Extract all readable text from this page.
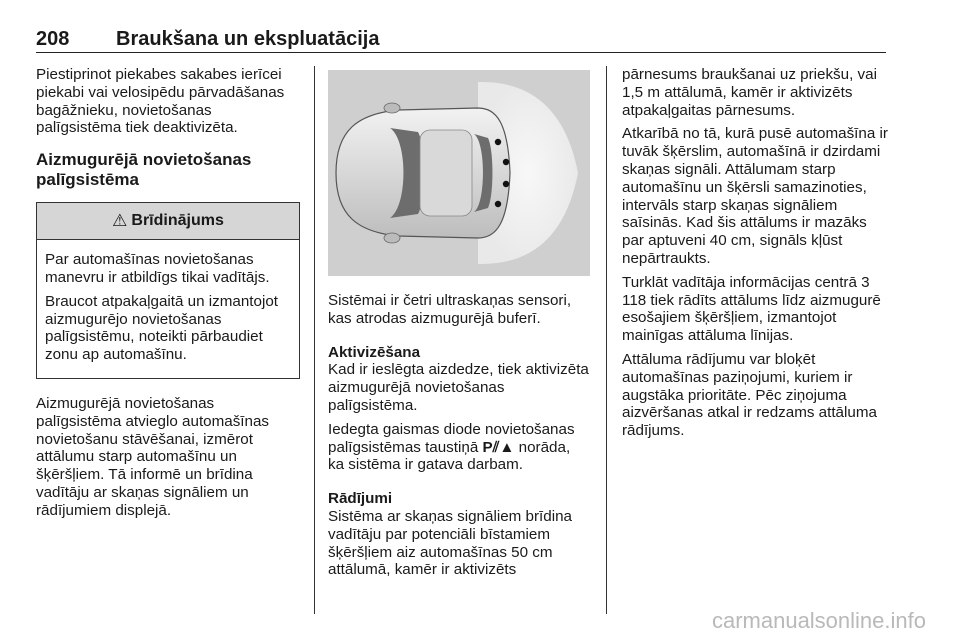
208 Braukšana un ekspluatācija

Piestiprinot piekabes sakabes ierīcei piekabi vai velosipēdu pārvadāšanas bagāžnieku, novietošanas palīgsistēma tiek deaktivizēta.

Aizmugurējā novietošanas palīgsistēma
⚠ Brīdinājums

Par automašīnas novietošanas manevru ir atbildīgs tikai vadītājs.

Braucot atpakaļgaitā un izmantojot aizmugurējo novietošanas palīgsistēmu, noteikti pārbaudiet zonu ap automašīnu.

Aizmugurējā novietošanas palīgsistēma atvieglo automašīnas novietošanu stāvēšanai, izmērot attālumu starp automašīnu un šķēršļiem. Tā informē un brīdina vadītāju ar skaņas signāliem un rādījumiem displejā.

Sistēmai ir četri ultraskaņas sensori, kas atrodas aizmugurējā buferī.

Aktivizēšana

Kad ir ieslēgta aizdedze, tiek aktivizēta aizmugurējā novietošanas palīgsistēma.

Iedegta gaismas diode novietošanas palīgsistēmas taustiņā P⫽▲ norāda, ka sistēma ir gatava darbam.

Rādījumi

Sistēma ar skaņas signāliem brīdina vadītāju par potenciāli bīstamiem šķēršļiem aiz automašīnas 50 cm attālumā, kamēr ir aktivizēts

pārnesums braukšanai uz priekšu, vai 1,5 m attālumā, kamēr ir aktivizēts atpakaļgaitas pārnesums.

Atkarībā no tā, kurā pusē automašīna ir tuvāk šķērslim, automašīnā ir dzirdami skaņas signāli. Attālumam starp automašīnu un šķērsli samazinoties, intervāls starp skaņas signāliem saīsinās. Kad šis attālums ir mazāks par aptuveni 40 cm, signāls kļūst nepārtraukts.

Turklāt vadītāja informācijas centrā 3 118 tiek rādīts attālums līdz aizmugurē esošajiem šķēršļiem, izmantojot mainīgas attāluma līnijas.

Attāluma rādījumu var bloķēt automašīnas paziņojumi, kuriem ir augstāka prioritāte. Pēc ziņojuma aizvēršanas atkal ir redzams attāluma rādījums.

carmanualsonline.info
